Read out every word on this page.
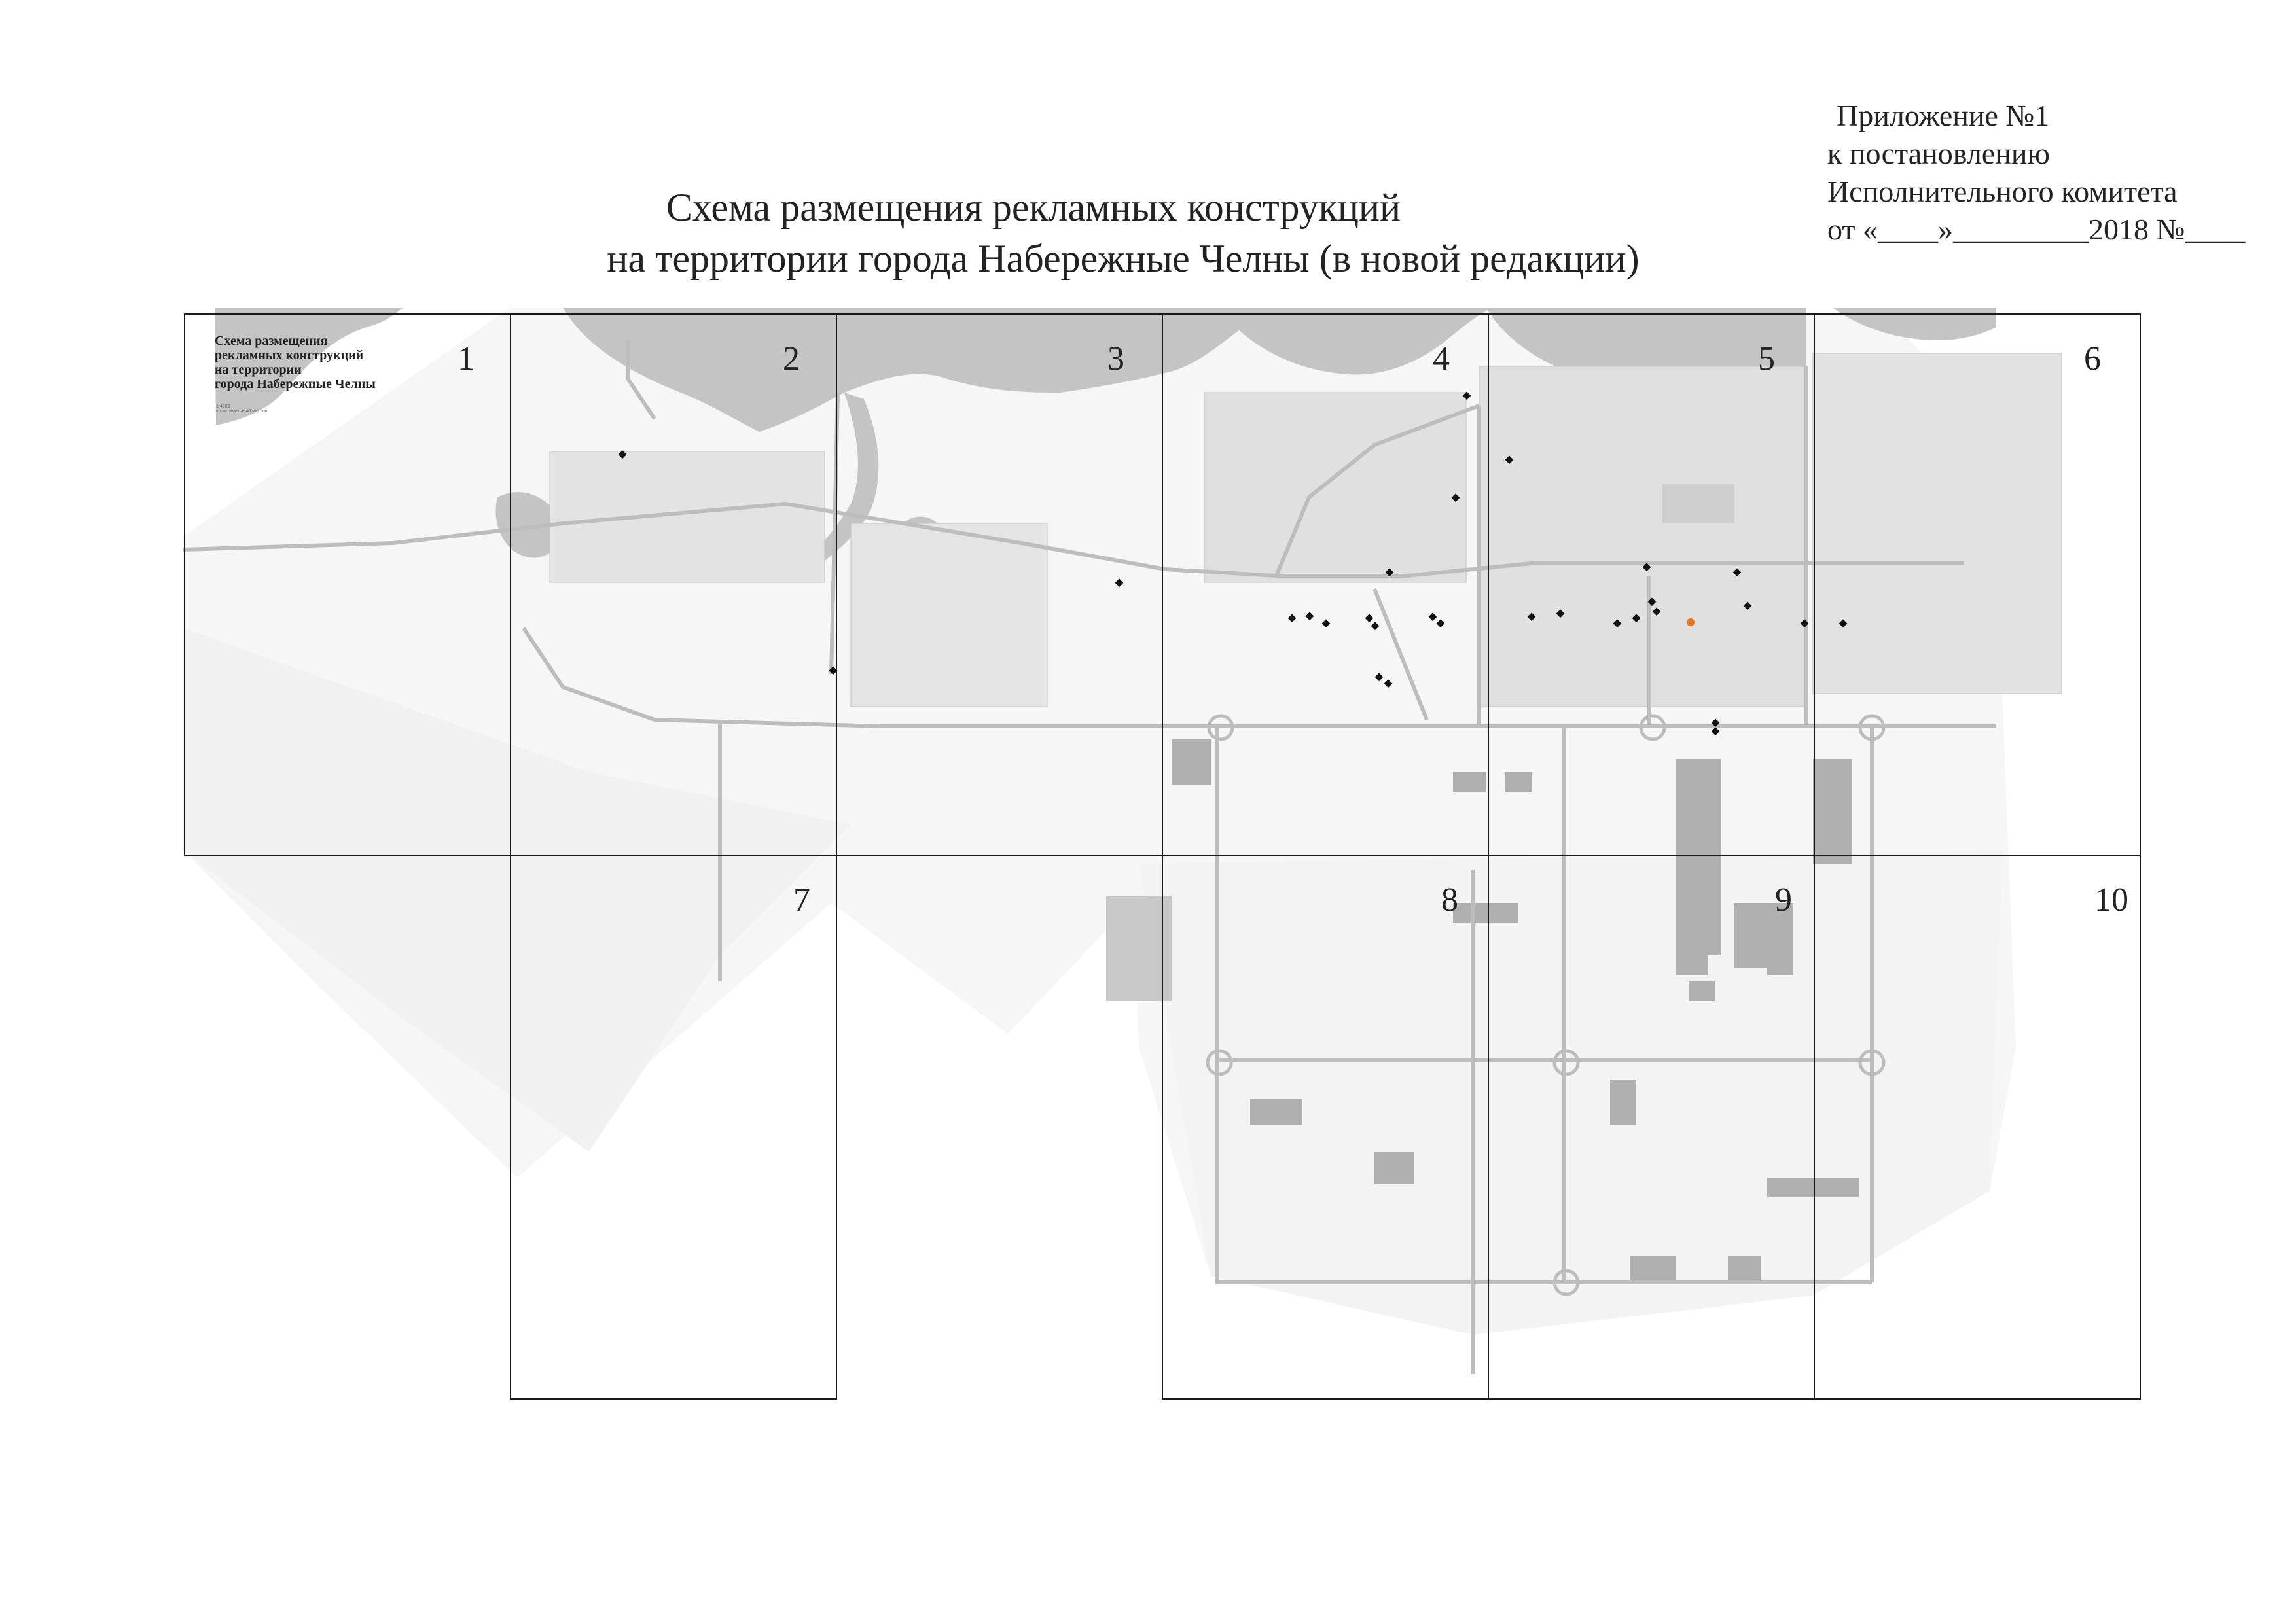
Приложение №1
к постановлению
Исполнительного комитета
от «____»_________2018 №____
Схема размещения рекламных конструкций
на территории города Набережные Челны (в новой редакции)
1	2	3	4	5	6
7	8	9	10
Схема размещения
рекламных конструкций
на территории
города Набережные Челны
1:4000
в сантиметре 40 метров
